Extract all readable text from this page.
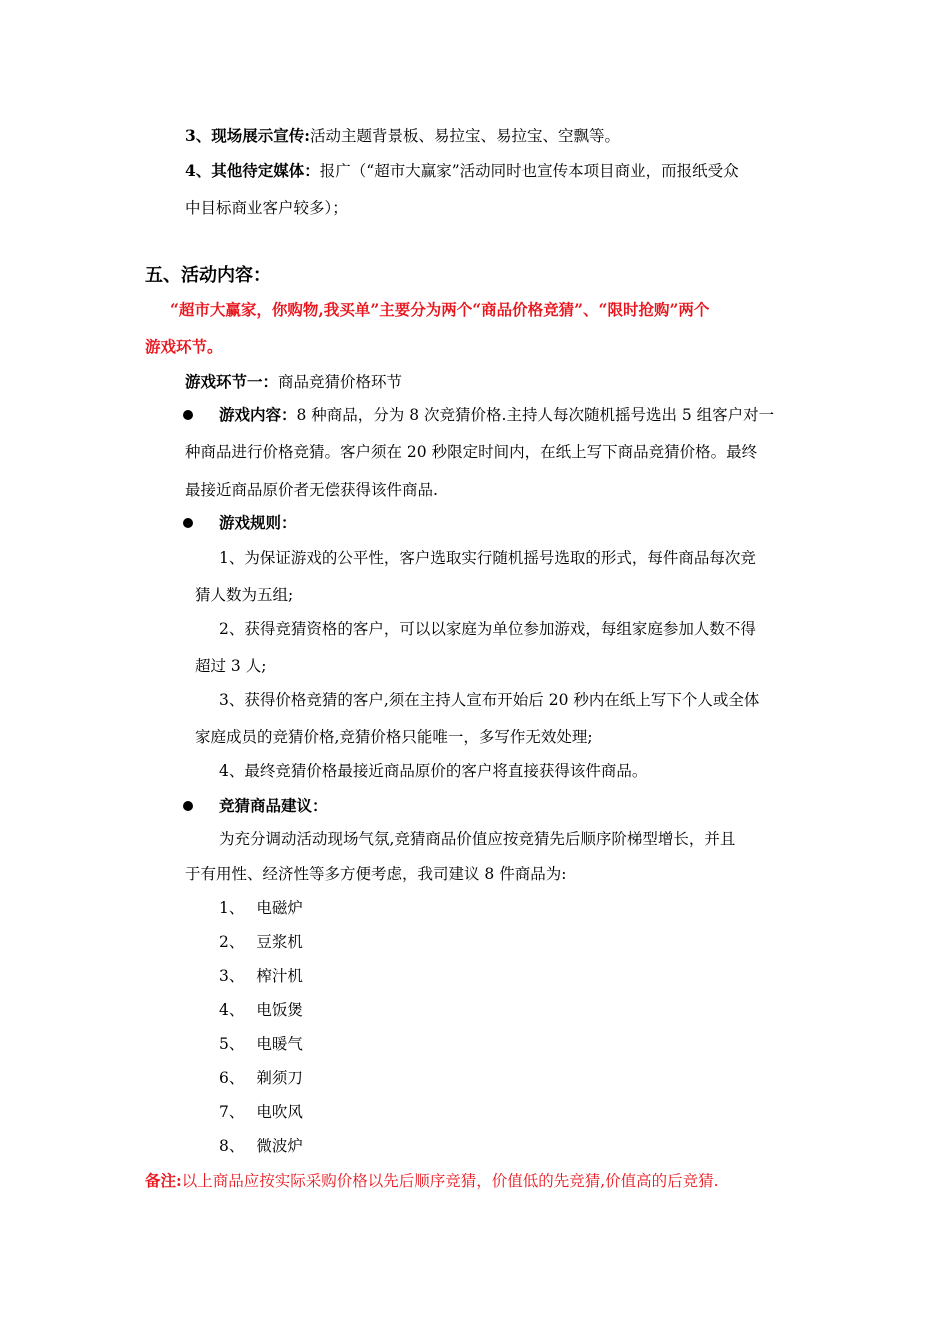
3、现场展示宣传:活动主题背景板、易拉宝、易拉宝、空飘等。
4、其他待定媒体：报广（“超市大赢家”活动同时也宣传本项目商业，而报纸受众
中目标商业客户较多）；
五、活动内容：
“超市大赢家，你购物,我买单”主要分为两个“商品价格竞猜”、“限时抢购”两个
游戏环节。
游戏环节一：商品竞猜价格环节
游戏内容：8 种商品，分为 8 次竞猜价格.主持人每次随机摇号选出 5 组客户对一
种商品进行价格竞猜。客户须在 20 秒限定时间内，在纸上写下商品竞猜价格。最终
最接近商品原价者无偿获得该件商品.
游戏规则：
1、为保证游戏的公平性，客户选取实行随机摇号选取的形式，每件商品每次竞
猜人数为五组;
2、获得竞猜资格的客户，可以以家庭为单位参加游戏，每组家庭参加人数不得
超过 3 人;
3、获得价格竞猜的客户,须在主持人宣布开始后 20 秒内在纸上写下个人或全体
家庭成员的竞猜价格,竞猜价格只能唯一，多写作无效处理;
4、最终竞猜价格最接近商品原价的客户将直接获得该件商品。
竞猜商品建议：
为充分调动活动现场气氛,竞猜商品价值应按竞猜先后顺序阶梯型增长，并且
于有用性、经济性等多方便考虑，我司建议 8 件商品为:
1、 电磁炉
2、 豆浆机
3、 榨汁机
4、 电饭煲
5、 电暖气
6、 剃须刀
7、 电吹风
8、 微波炉
备注:以上商品应按实际采购价格以先后顺序竞猜，价值低的先竞猜,价值高的后竞猜.
